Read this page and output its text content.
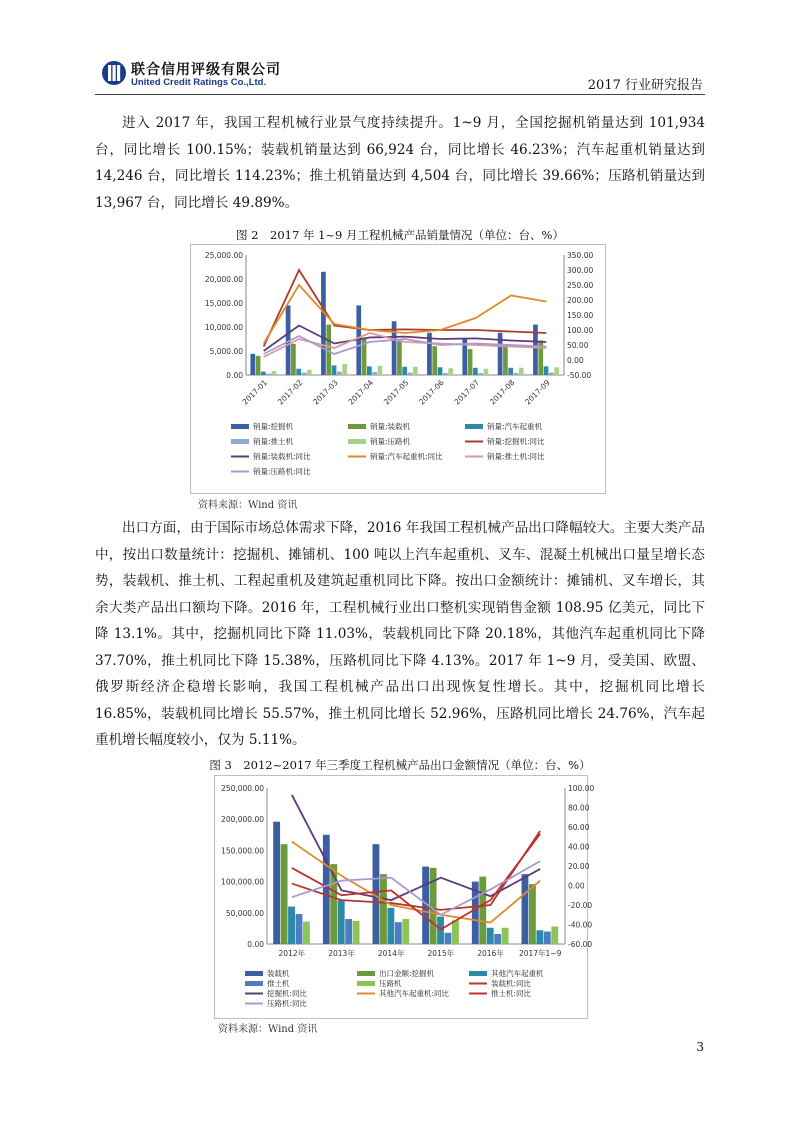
联合信用评级有限公司
United Credit Ratings Co.,Ltd.	2017 行业研究报告

进入 2017 年，我国工程机械行业景气度持续提升。1~9 月，全国挖掘机销量达到 101,934 台，同比增长 100.15%；装载机销量达到 66,924 台，同比增长 46.23%；汽车起重机销量达到 14,246 台，同比增长 114.23%；推土机销量达到 4,504 台，同比增长 39.66%；压路机销量达到 13,967 台，同比增长 49.89%。

图 2　2017 年 1~9 月工程机械产品销量情况（单位：台、%）
0.00
5,000.00
10,000.00
15,000.00
20,000.00
25,000.00
-50.00
0.00
50.00
100.00
150.00
200.00
250.00
300.00
350.00
2017-01 2017-02 2017-03 2017-04 2017-05 2017-06 2017-07 2017-08 2017-09
销量:挖掘机	销量:装载机	销量:汽车起重机
销量:推土机	销量:压路机	销量:挖掘机:同比
销量:装载机:同比	销量:汽车起重机:同比	销量:推土机:同比
销量:压路机:同比
资料来源：Wind 资讯

出口方面，由于国际市场总体需求下降，2016 年我国工程机械产品出口降幅较大。主要大类产品中，按出口数量统计：挖掘机、摊铺机、100 吨以上汽车起重机、叉车、混凝土机械出口量呈增长态势，装载机、推土机、工程起重机及建筑起重机同比下降。按出口金额统计：摊铺机、叉车增长，其余大类产品出口额均下降。2016 年，工程机械行业出口整机实现销售金额 108.95 亿美元，同比下降 13.1%。其中，挖掘机同比下降 11.03%，装载机同比下降 20.18%，其他汽车起重机同比下降 37.70%，推土机同比下降 15.38%，压路机同比下降 4.13%。2017 年 1~9 月，受美国、欧盟、俄罗斯经济企稳增长影响，我国工程机械产品出口出现恢复性增长。其中，挖掘机同比增长 16.85%，装载机同比增长 55.57%，推土机同比增长 52.96%，压路机同比增长 24.76%，汽车起重机增长幅度较小，仅为 5.11%。

图 3　2012~2017 年三季度工程机械产品出口金额情况（单位：台、%）
0.00
50,000.00
100,000.00
150,000.00
200,000.00
250,000.00
-60.00
-40.00
-20.00
0.00
20.00
40.00
60.00
80.00
100.00
2012年	2013年	2014年	2015年	2016年 2017年1~9
装载机	出口金额:挖掘机	其他汽车起重机
推土机	压路机	装载机:同比
挖掘机:同比	其他汽车起重机:同比	推土机:同比
压路机:同比
资料来源：Wind 资讯
3
